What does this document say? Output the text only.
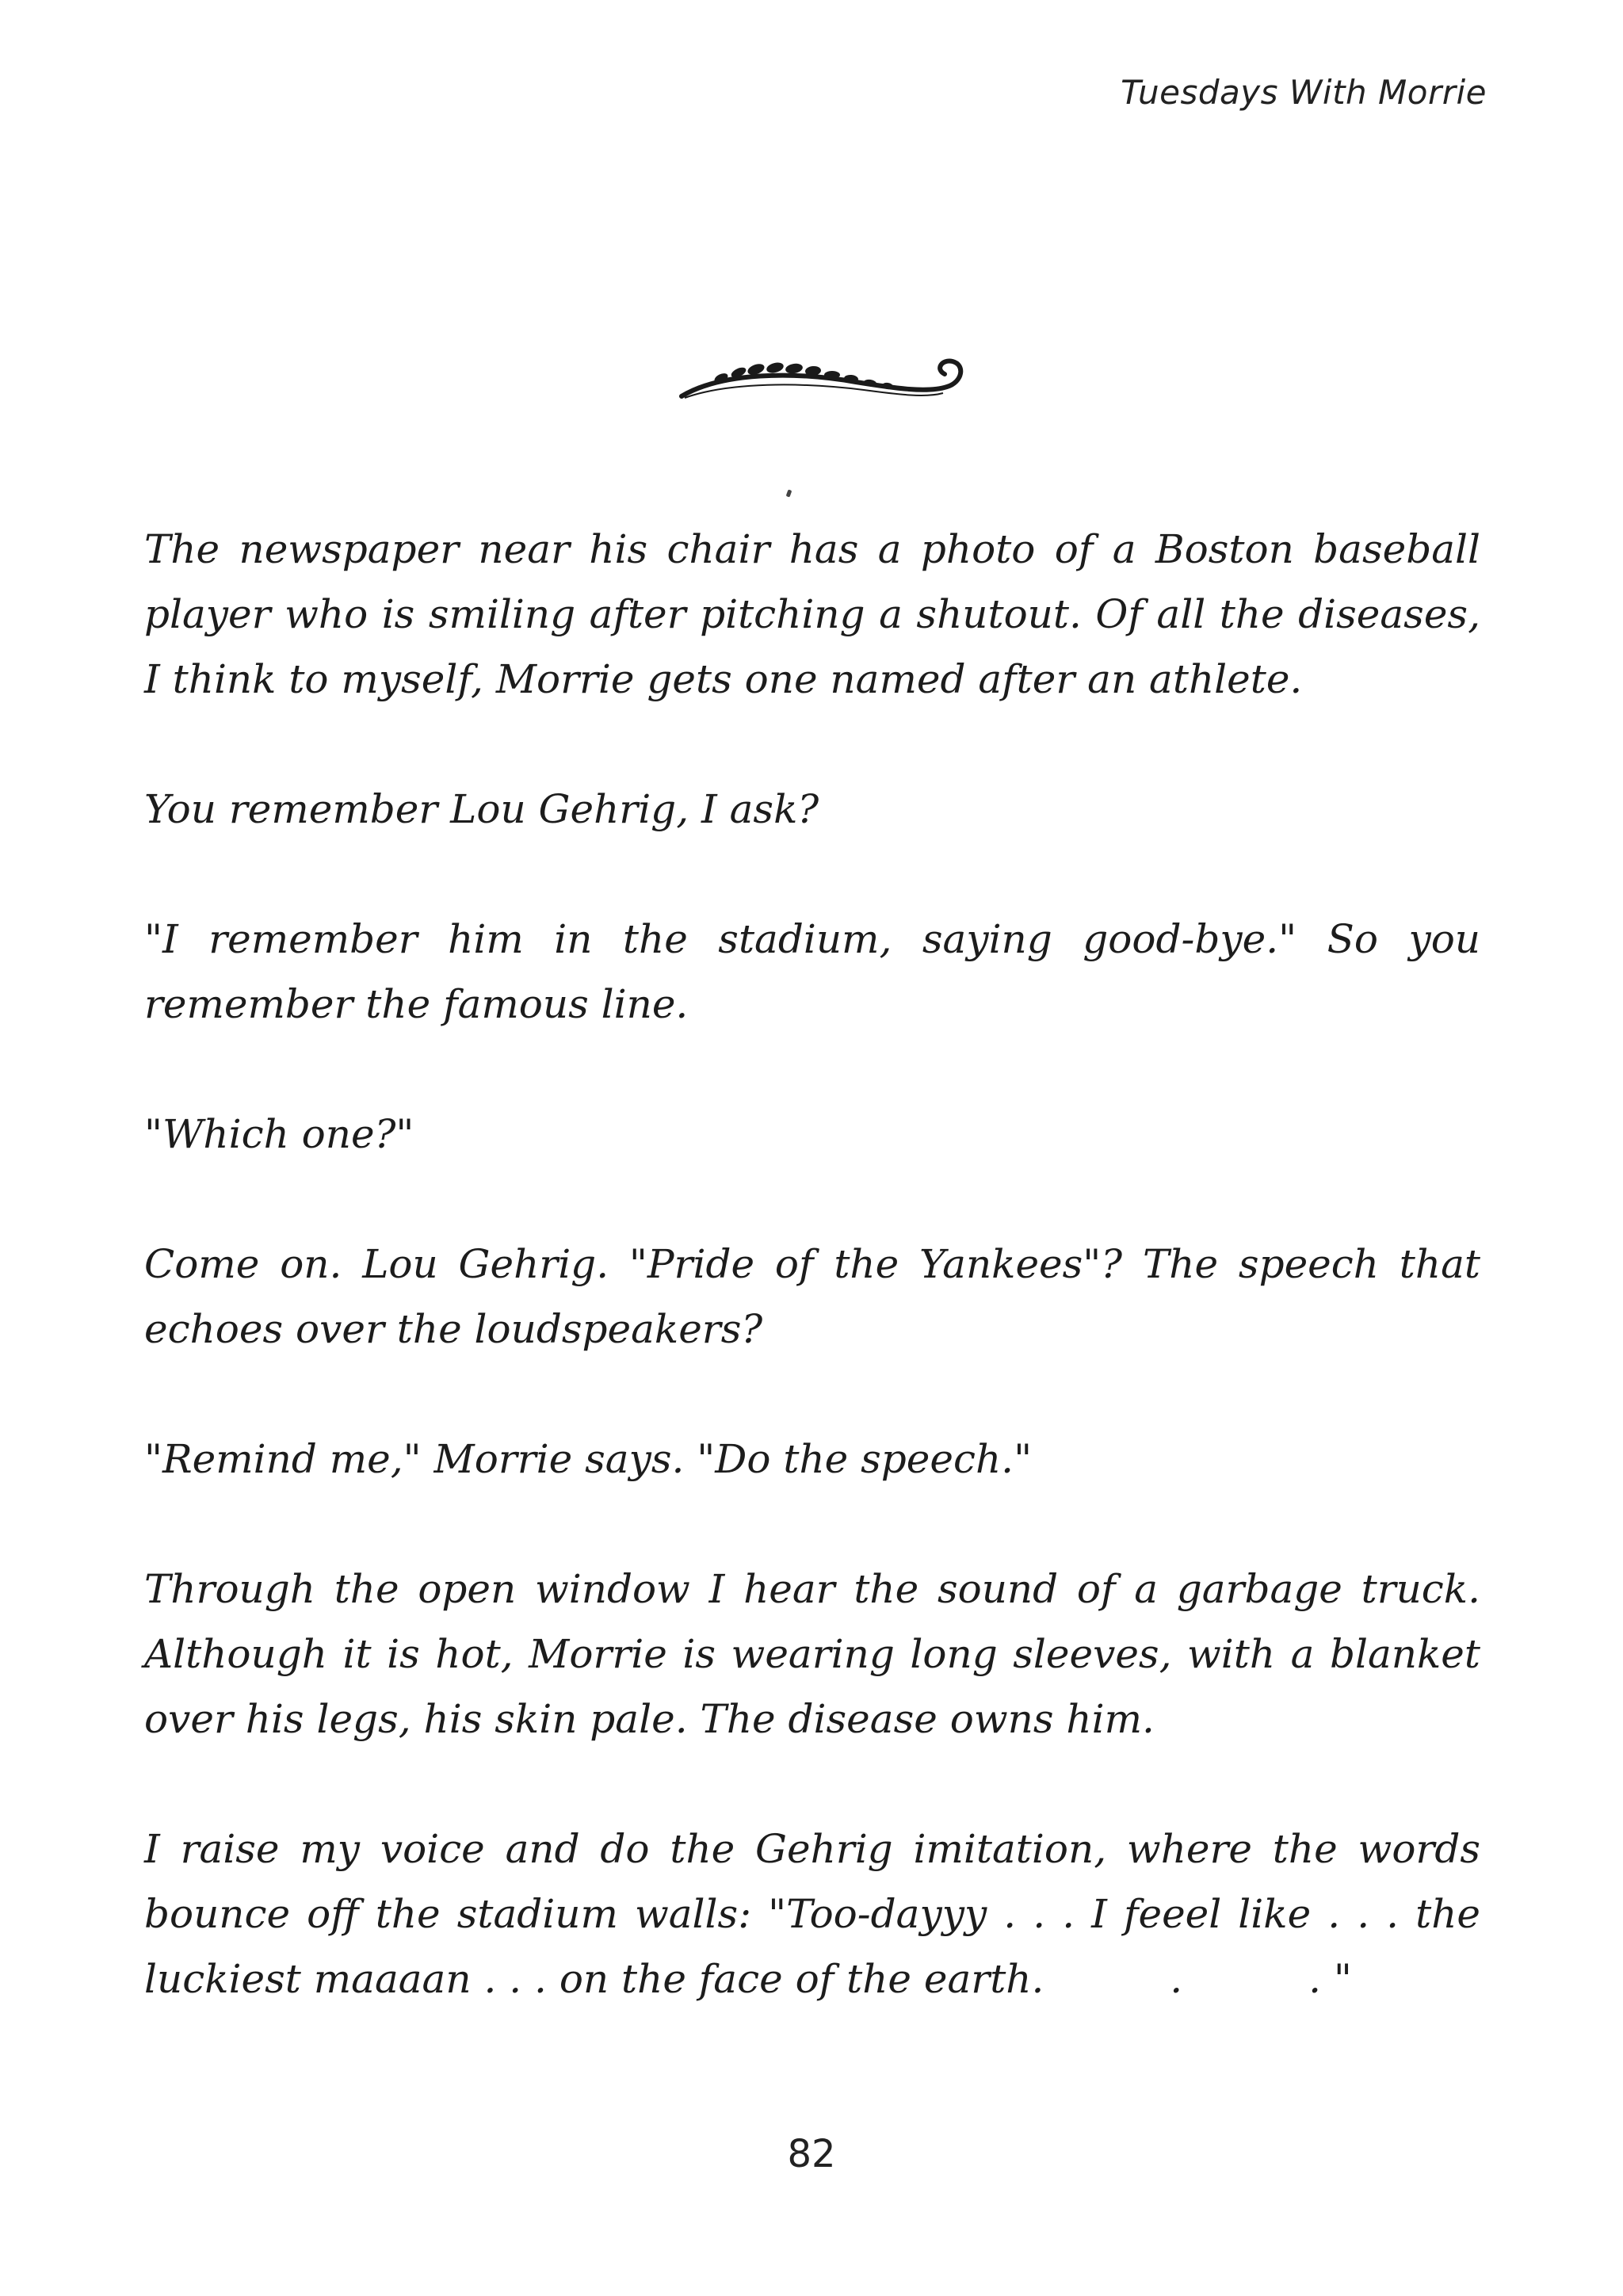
Tuesdays With Morrie

The newspaper near his chair has a photo of a Boston baseball player who is smiling after pitching a shutout. Of all the diseases, I think to myself, Morrie gets one named after an athlete.

You remember Lou Gehrig, I ask?

"I remember him in the stadium, saying good-bye." So you remember the famous line.

"Which one?"

Come on. Lou Gehrig. "Pride of the Yankees"? The speech that echoes over the loudspeakers?

"Remind me," Morrie says. "Do the speech."

Through the open window I hear the sound of a garbage truck. Although it is hot, Morrie is wearing long sleeves, with a blanket over his legs, his skin pale. The disease owns him.

I raise my voice and do the Gehrig imitation, where the words bounce off the stadium walls: "Too-dayyy . . . I feeel like . . . the luckiest maaaan . . . on the face of the earth.          .          . "

82
